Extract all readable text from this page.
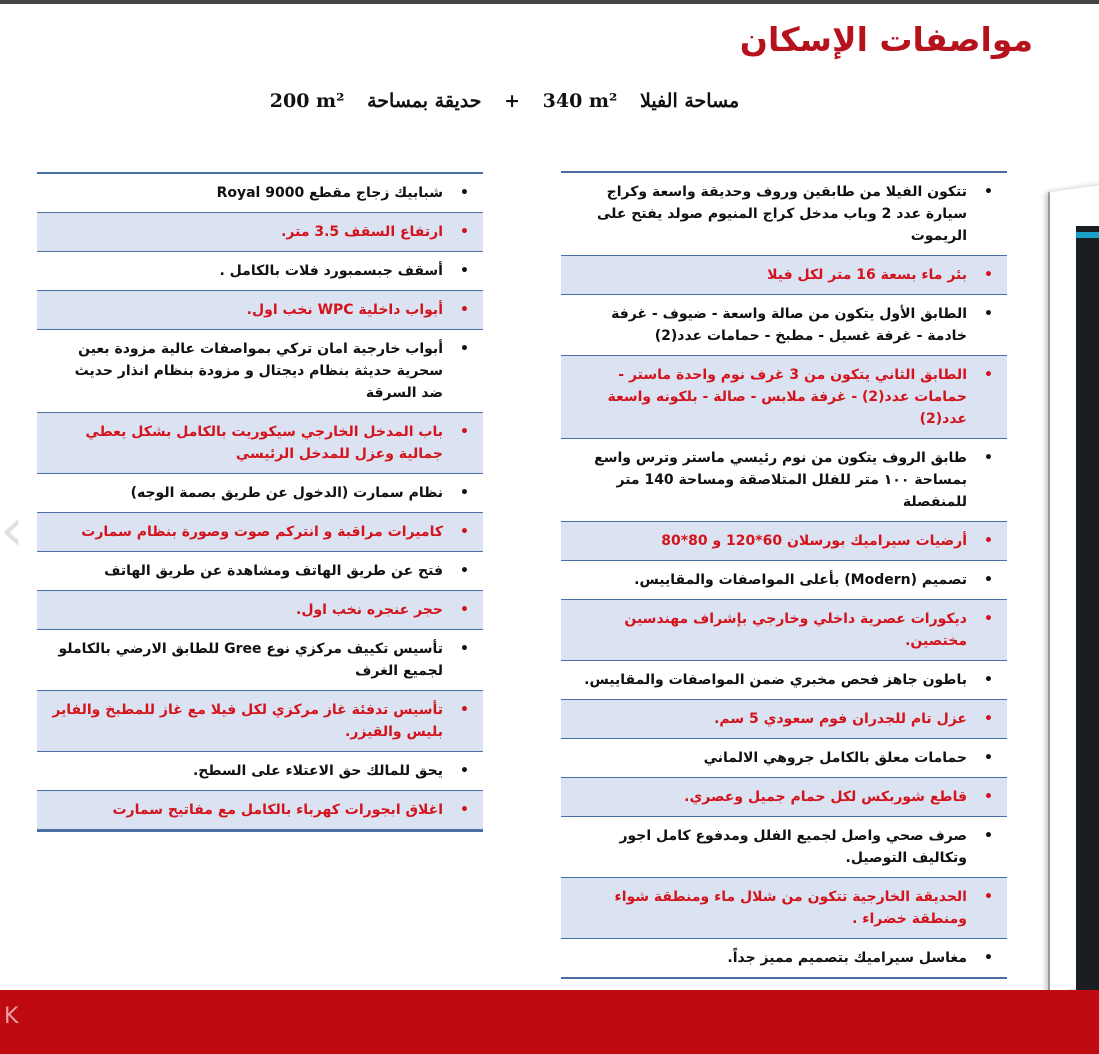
مواصفات الإسكان
مساحة الفيلا 340 m² + حديقة بمساحة 200 m²
• تتكون الفيلا من طابقين وروف وحديقة واسعة وكراج سيارة عدد 2 وباب مدخل كراج المنيوم صولد يفتح على الريموت
• بئر ماء بسعة 16 متر لكل فيلا
• الطابق الأول يتكون من صالة واسعة - ضيوف - غرفة خادمة - غرفة غسيل - مطبخ - حمامات عدد(2)
• الطابق الثاني يتكون من 3 غرف نوم واحدة ماستر - حمامات عدد(2) - غرفة ملابس - صالة - بلكونه واسعة عدد(2)
• طابق الروف يتكون من نوم رئيسي ماستر وترس واسع بمساحة ١٠٠ متر للفلل المتلاصقة ومساحة 140 متر للمنفصلة
• أرضيات سيراميك بورسلان 60*120 و 80*80
• تصميم (Modern) بأعلى المواصفات والمقاييس.
• ديكورات عصرية داخلي وخارجي بإشراف مهندسين مختصين.
• باطون جاهز فحص مخبري ضمن المواصفات والمقاييس.
• عزل تام للجدران فوم سعودي 5 سم.
• حمامات معلق بالكامل جروهي الالماني
• قاطع شوربكس لكل حمام جميل وعصري.
• صرف صحي واصل لجميع الفلل ومدفوع كامل اجور وتكاليف التوصيل.
• الحديقة الخارجية تتكون من شلال ماء ومنطقة شواء ومنطقة خضراء .
• مغاسل سيراميك بتصميم مميز جداً.
• شبابيك زجاج مقطع Royal 9000
• ارتفاع السقف 3.5 متر.
• أسقف جبسمبورد فلات بالكامل .
• أبواب داخلية WPC نخب اول.
• أبواب خارجية امان تركي بمواصفات عالية مزودة بعين سحرية حديثة بنظام ديجتال و مزودة بنظام انذار حديث ضد السرقة
• باب المدخل الخارجي سيكوريت بالكامل بشكل يعطي جمالية وعزل للمدخل الرئيسي
• نظام سمارت (الدخول عن طريق بصمة الوجه)
• كاميرات مراقبة و انتركم صوت وصورة بنظام سمارت
• فتح عن طريق الهاتف ومشاهدة عن طريق الهاتف
• حجر عنجره نخب اول.
• تأسيس تكييف مركزي نوع Gree للطابق الارضي بالكاملو لجميع الغرف
• تأسيس تدفئة غاز مركزي لكل فيلا مع غاز للمطبخ والفاير بليس والقيزر.
• يحق للمالك حق الاعتلاء على السطح.
• اغلاق ابجورات كهرباء بالكامل مع مفاتيح سمارت
‹
K
